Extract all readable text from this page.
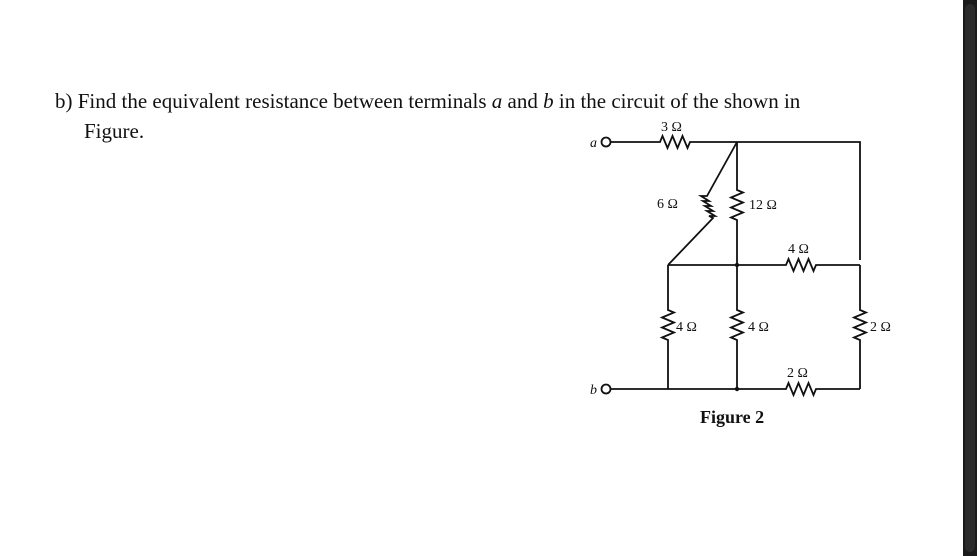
b) Find the equivalent resistance between terminals a and b in the circuit of the shown in

Figure.

a
b
3 Ω
6 Ω	12 Ω
4 Ω
4 Ω	4 Ω	2 Ω
2 Ω
Figure 2
